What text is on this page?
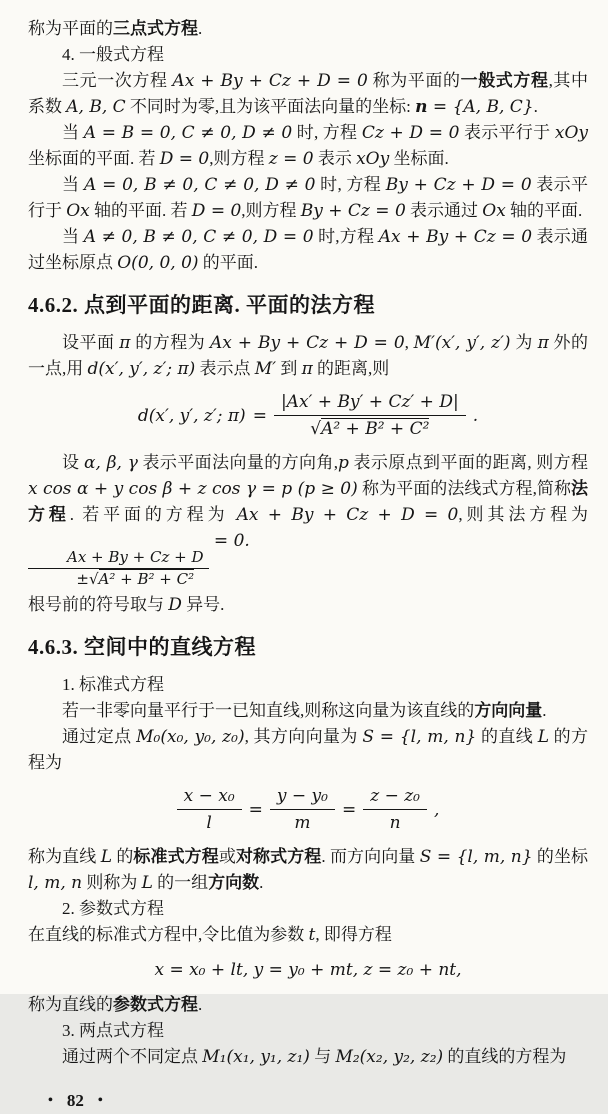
称为平面的三点式方程.

4. 一般式方程

三元一次方程 Ax + By + Cz + D = 0 称为平面的一般式方程,其中系数 A, B, C 不同时为零,且为该平面法向量的坐标: n = {A, B, C}.

当 A = B = 0, C ≠ 0, D ≠ 0 时, 方程 Cz + D = 0 表示平行于 xOy 坐标面的平面. 若 D = 0,则方程 z = 0 表示 xOy 坐标面.

当 A = 0, B ≠ 0, C ≠ 0, D ≠ 0 时, 方程 By + Cz + D = 0 表示平行于 Ox 轴的平面. 若 D = 0,则方程 By + Cz = 0 表示通过 Ox 轴的平面.

当 A ≠ 0, B ≠ 0, C ≠ 0, D = 0 时,方程 Ax + By + Cz = 0 表示通过坐标原点 O(0, 0, 0) 的平面.

4.6.2. 点到平面的距离. 平面的法方程

设平面 π 的方程为 Ax + By + Cz + D = 0, M′(x′, y′, z′) 为 π 外的一点,用 d(x′, y′, z′; π) 表示点 M′ 到 π 的距离,则

d(x′, y′, z′; $\pi) = \frac{|Ax' + By' + Cz' + D|}{\text{√A² + B² + C²}}$ .

设 α, β, γ 表示平面法向量的方向角,p 表示原点到平面的距离, 则方程 x cos α + y cos β + z cos γ = p (p ≥ 0) 称为平面的法线式方程,简称法方程. 若平面的方程为 Ax + By + Cz + D = 0,则其法方程为
$\frac{Ax + By + Cz + D}{\text{±√A² + B² + C²}}$
= 0.

根号前的符号取与 D 异号.

4.6.3. 空间中的直线方程

1. 标准式方程

若一非零向量平行于一已知直线,则称这向量为该直线的方向向量.

通过定点 M₀(x₀, y₀, z₀), 其方向向量为 S = {l, m, n} 的直线 L 的方程为

$\frac{\text{x − x₀}}{l} = \frac{\text{y − y₀}}{m} = \frac{\text{z − z₀}}{n}$ ,

称为直线 L 的标准式方程或对称式方程. 而方向向量 S = {l, m, n} 的坐标 l, m, n 则称为 L 的一组方向数.

2. 参数式方程

在直线的标准式方程中,令比值为参数 t, 即得方程

x = x₀ + lt, y = y₀ + mt, z = z₀ + nt,

称为直线的参数式方程.

3. 两点式方程

通过两个不同定点 M₁(x₁, y₁, z₁) 与 M₂(x₂, y₂, z₂) 的直线的方程为

• 82 •
